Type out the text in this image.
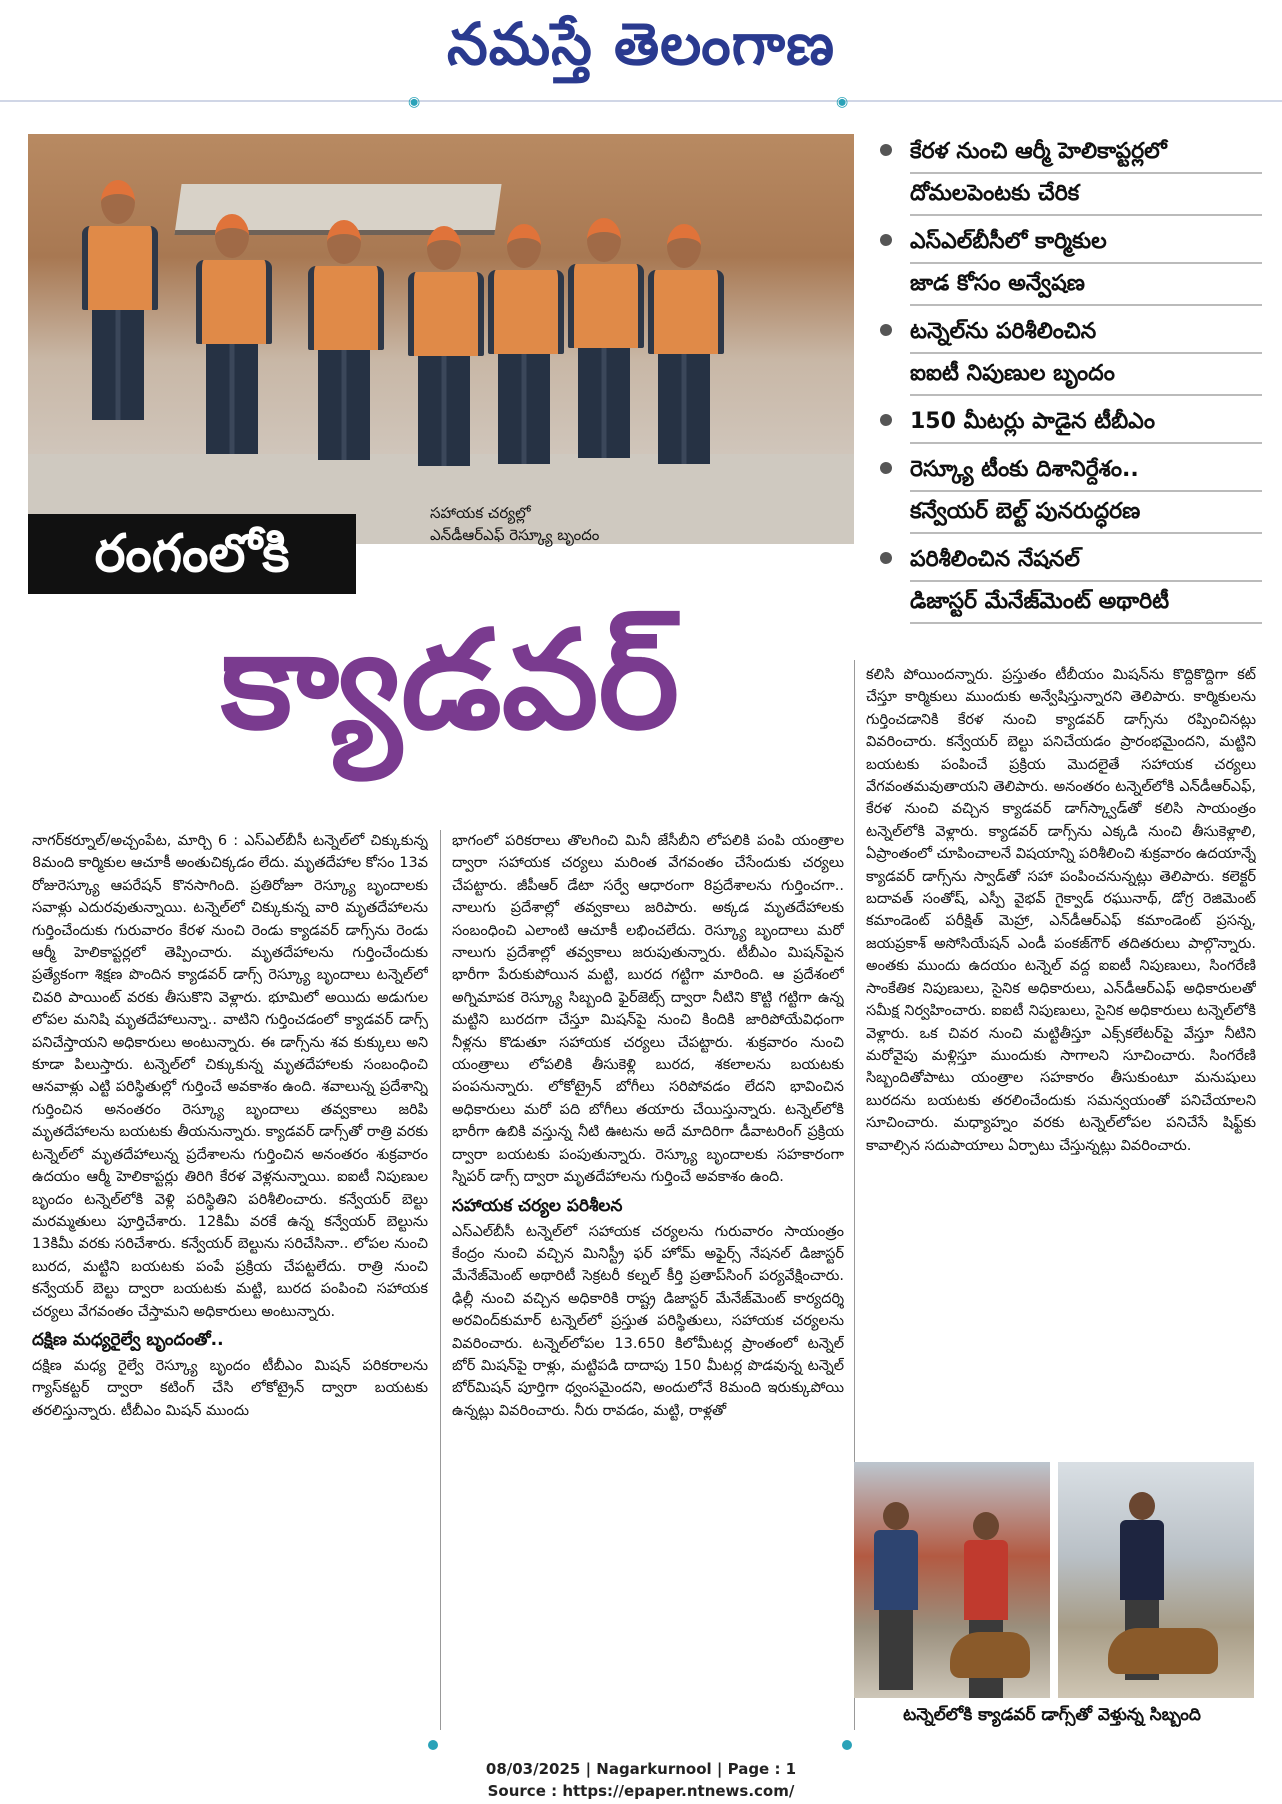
నమస్తే తెలంగాణ
◉	◉
సహాయక చర్యల్లో
ఎన్‌డీఆర్‌ఎఫ్ రెస్క్యూ బృందం
రంగంలోకి
క్యాడవర్
కేరళ నుంచి ఆర్మీ హెలికాప్టర్లలో
దోమలపెంటకు చేరిక
ఎస్‌ఎల్‌బీసీలో కార్మికుల
జాడ కోసం అన్వేషణ
టన్నెల్‌ను పరిశీలించిన
ఐఐటీ నిపుణుల బృందం
150 మీటర్లు పాడైన టీబీఎం
రెస్క్యూ టీంకు దిశానిర్దేశం..
కన్వేయర్ బెల్ట్ పునరుద్ధరణ
పరిశీలించిన నేషనల్
డిజాస్టర్ మేనేజ్‌మెంట్ అథారిటీ

నాగర్‌కర్నూల్/అచ్చంపేట, మార్చి 6 : ఎస్‌ఎల్‌బీసీ టన్నెల్‌లో చిక్కుకున్న 8మంది కార్మికుల ఆచూకీ అంతుచిక్కడం లేదు. మృతదేహాల కోసం 13వ రోజురెస్క్యూ ఆపరేషన్ కొనసాగింది. ప్రతిరోజూ రెస్క్యూ బృందాలకు సవాళ్లు ఎదురవుతున్నాయి. టన్నెల్‌లో చిక్కుకున్న వారి మృతదేహాలను గుర్తించేందుకు గురువారం కేరళ నుంచి రెండు క్యాడవర్ డాగ్స్‌ను రెండు ఆర్మీ హెలికాప్టర్లలో తెప్పించారు. మృతదేహాలను గుర్తించేందుకు ప్రత్యేకంగా శిక్షణ పొందిన క్యాడవర్ డాగ్స్ రెస్క్యూ బృందాలు టన్నెల్‌లో చివరి పాయింట్ వరకు తీసుకొని వెళ్లారు. భూమిలో అయిదు అడుగుల లోపల మనిషి మృతదేహాలున్నా.. వాటిని గుర్తించడంలో క్యాడవర్ డాగ్స్ పనిచేస్తాయని అధికారులు అంటున్నారు. ఈ డాగ్స్‌ను శవ కుక్కులు అని కూడా పిలుస్తారు. టన్నెల్‌లో చిక్కుకున్న మృతదేహాలకు సంబంధించి ఆనవాళ్లు ఎట్టి పరిస్థితుల్లో గుర్తించే అవకాశం ఉంది. శవాలున్న ప్రదేశాన్ని గుర్తించిన అనంతరం రెస్క్యూ బృందాలు తవ్వకాలు జరిపి మృతదేహాలను బయటకు తీయనున్నారు. క్యాడవర్ డాగ్స్‌తో రాత్రి వరకు టన్నెల్‌లో మృతదేహాలున్న ప్రదేశాలను గుర్తించిన అనంతరం శుక్రవారం ఉదయం ఆర్మీ హెలికాప్టర్లు తిరిగి కేరళ వెళ్లనున్నాయి. ఐఐటీ నిపుణుల బృందం టన్నెల్‌లోకి వెళ్లి పరిస్థితిని పరిశీలించారు. కన్వేయర్ బెల్టు మరమ్మతులు పూర్తిచేశారు. 12కిమీ వరకే ఉన్న కన్వేయర్ బెల్టును 13కిమీ వరకు సరిచేశారు. కన్వేయర్ బెల్టును సరిచేసినా.. లోపల నుంచి బురద, మట్టిని బయటకు పంపే ప్రక్రియ చేపట్టలేదు. రాత్రి నుంచి కన్వేయర్ బెల్టు ద్వారా బయటకు మట్టి, బురద పంపించి సహాయక చర్యలు వేగవంతం చేస్తామని అధికారులు అంటున్నారు.

దక్షిణ మధ్యరైల్వే బృందంతో..

దక్షిణ మధ్య రైల్వే రెస్క్యూ బృందం టీబీఎం మిషన్ పరికరాలను గ్యాస్‌కట్టర్ ద్వారా కటింగ్ చేసి లోకోట్రైన్ ద్వారా బయటకు తరలిస్తున్నారు. టీబీఎం మిషన్ ముందు

భాగంలో పరికరాలు తొలగించి మినీ జేసీబీని లోపలికి పంపి యంత్రాల ద్వారా సహాయక చర్యలు మరింత వేగవంతం చేసేందుకు చర్యలు చేపట్టారు. జీపీఆర్ డేటా సర్వే ఆధారంగా 8ప్రదేశాలను గుర్తించగా.. నాలుగు ప్రదేశాల్లో తవ్వకాలు జరిపారు. అక్కడ మృతదేహాలకు సంబంధించి ఎలాంటి ఆచూకీ లభించలేదు. రెస్క్యూ బృందాలు మరో నాలుగు ప్రదేశాల్లో తవ్వకాలు జరుపుతున్నారు. టీబీఎం మిషన్‌పైన భారీగా పేరుకుపోయిన మట్టి, బురద గట్టిగా మారింది. ఆ ప్రదేశంలో అగ్నిమాపక రెస్క్యూ సిబ్బంది ఫైర్‌జెట్స్ ద్వారా నీటిని కొట్టి గట్టిగా ఉన్న మట్టిని బురదగా చేస్తూ మిషన్‌పై నుంచి కిందికి జారిపోయేవిధంగా నీళ్లను కొడుతూ సహాయక చర్యలు చేపట్టారు. శుక్రవారం నుంచి యంత్రాలు లోపలికి తీసుకెళ్లి బురద, శకలాలను బయటకు పంపనున్నారు. లోకోట్రైన్ బోగీలు సరిపోవడం లేదని భావించిన అధికారులు మరో పది బోగీలు తయారు చేయిస్తున్నారు. టన్నెల్‌లోకి భారీగా ఉబికి వస్తున్న నీటి ఊటను అదే మాదిరిగా డీవాటరింగ్ ప్రక్రియ ద్వారా బయటకు పంపుతున్నారు. రెస్క్యూ బృందాలకు సహకారంగా స్నిపర్ డాగ్స్ ద్వారా మృతదేహాలను గుర్తించే అవకాశం ఉంది.

సహాయక చర్యల పరిశీలన

ఎస్‌ఎల్‌బీసీ టన్నెల్‌లో సహాయక చర్యలను గురువారం సాయంత్రం కేంద్రం నుంచి వచ్చిన మినిస్ట్రీ ఫర్ హోమ్ అఫైర్స్ నేషనల్ డిజాస్టర్ మేనేజ్‌మెంట్ అథారిటీ సెక్రటరీ కల్నల్ కీర్తి ప్రతాప్‌సింగ్ పర్యవేక్షించారు. ఢిల్లీ నుంచి వచ్చిన అధికారికి రాష్ట్ర డిజాస్టర్ మేనేజ్‌మెంట్ కార్యదర్శి అరవింద్‌కుమార్ టన్నెల్‌లో ప్రస్తుత పరిస్థితులు, సహాయక చర్యలను వివరించారు. టన్నెల్‌లోపల 13.650 కిలోమీటర్ల ప్రాంతంలో టన్నెల్ బోర్ మిషన్‌పై రాళ్లు, మట్టిపడి దాదాపు 150 మీటర్ల పొడవున్న టన్నెల్ బోర్‌మిషన్ పూర్తిగా ధ్వంసమైందని, అందులోనే 8మంది ఇరుక్కుపోయి ఉన్నట్లు వివరించారు. నీరు రావడం, మట్టి, రాళ్లతో

కలిసి పోయిందన్నారు. ప్రస్తుతం టీబీయం మిషన్‌ను కొద్దికొద్దిగా కట్ చేస్తూ కార్మికులు ముందుకు అన్వేషిస్తున్నారని తెలిపారు. కార్మికులను గుర్తించడానికి కేరళ నుంచి క్యాడవర్ డాగ్స్‌ను రప్పించినట్లు వివరించారు. కన్వేయర్ బెల్టు పనిచేయడం ప్రారంభమైందని, మట్టిని బయటకు పంపించే ప్రక్రియ మొదలైతే సహాయక చర్యలు వేగవంతమవుతాయని తెలిపారు. అనంతరం టన్నెల్‌లోకి ఎన్‌డీఆర్‌ఎఫ్, కేరళ నుంచి వచ్చిన క్యాడవర్ డాగ్‌స్క్వాడ్‌తో కలిసి సాయంత్రం టన్నెల్‌లోకి వెళ్లారు. క్యాడవర్ డాగ్స్‌ను ఎక్కడి నుంచి తీసుకెళ్లాలి, ఏప్రాంతంలో చూపించాలనే విషయాన్ని పరిశీలించి శుక్రవారం ఉదయాన్నే క్యాడవర్ డాగ్స్‌ను స్వాడ్‌తో సహా పంపించనున్నట్లు తెలిపారు. కలెక్టర్ బదావత్ సంతోష్, ఎస్పీ వైభవ్ గైక్వాడ్ రఘునాథ్, డోగ్ర రెజిమెంట్ కమాండెంట్ పరీక్షిత్ మెహ్రా, ఎన్‌డీఆర్‌ఎఫ్ కమాండెంట్ ప్రసన్న, జయప్రకాశ్ అసోసియేషన్ ఎండీ పంకజ్‌గౌర్ తదితరులు పాల్గొన్నారు. అంతకు ముందు ఉదయం టన్నెల్ వద్ద ఐఐటీ నిపుణులు, సింగరేణి సాంకేతిక నిపుణులు, సైనిక అధికారులు, ఎన్‌డీఆర్‌ఎఫ్ అధికారులతో సమీక్ష నిర్వహించారు. ఐఐటీ నిపుణులు, సైనిక అధికారులు టన్నెల్‌లోకి వెళ్లారు. ఒక చివర నుంచి మట్టితీస్తూ ఎక్స్‌కలేటర్‌పై వేస్తూ నీటిని మరోవైపు మళ్లిస్తూ ముందుకు సాగాలని సూచించారు. సింగరేణి సిబ్బందితోపాటు యంత్రాల సహకారం తీసుకుంటూ మనుషులు బురదను బయటకు తరలించేందుకు సమన్వయంతో పనిచేయాలని సూచించారు. మధ్యాహ్నం వరకు టన్నెల్‌లోపల పనిచేసే షిఫ్ట్‌కు కావాల్సిన సదుపాయాలు ఏర్పాటు చేస్తున్నట్లు వివరించారు.

టన్నెల్‌లోకి క్యాడవర్ డాగ్స్‌తో వెళ్తున్న సిబ్బంది
08/03/2025 | Nagarkurnool | Page : 1
Source : https://epaper.ntnews.com/
